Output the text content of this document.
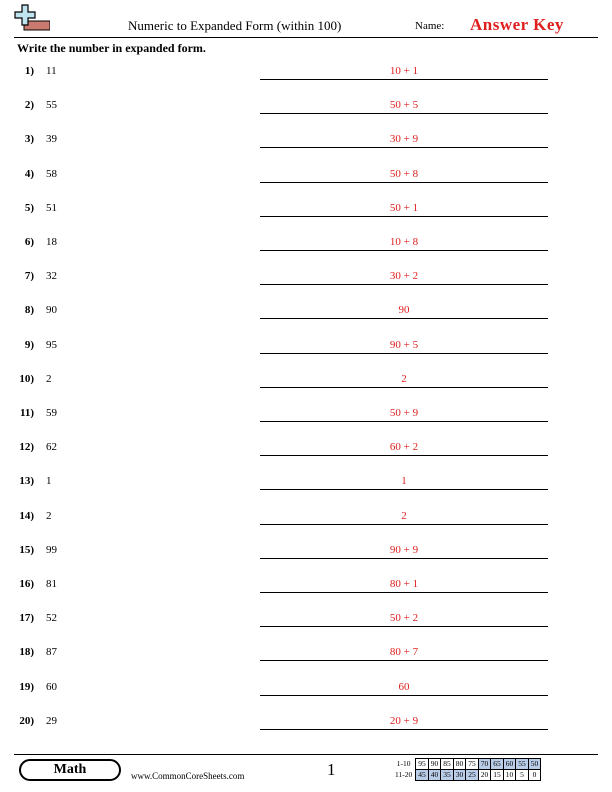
Numeric to Expanded Form (within 100)	Name: Answer Key
Write the number in expanded form.
1) 11	10 + 1
2) 55	50 + 5
3) 39	30 + 9
4) 58	50 + 8
5) 51	50 + 1
6) 18	10 + 8
7) 32	30 + 2
8) 90	90
9) 95	90 + 5
10) 2	2
11) 59	50 + 9
12) 62	60 + 2
13) 1	1
14) 2	2
15) 99	90 + 9
16) 81	80 + 1
17) 52	50 + 2
18) 87	80 + 7
19) 60	60
20) 29	20 + 9
Math	www.CommonCoreSheets.com	1	1-10	95	90	85	80	75	70	65	60	55	50
11-20	45	40	35	30	25	20	15	10	5	0
